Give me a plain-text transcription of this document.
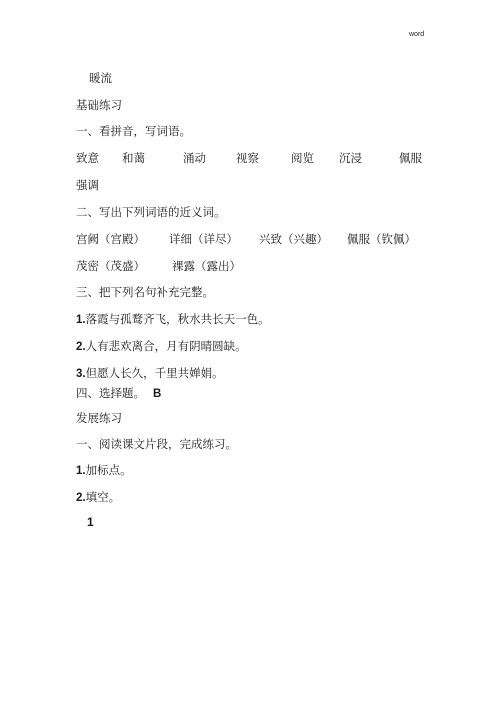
word
暖流
基础练习
一、看拼音，写词语。
致意 和蔼	涌动	视察	阅览 沉浸	佩服
强调
二、写出下列词语的近义词。
宫阙（宫殿） 详细（详尽） 兴致（兴趣） 佩服（钦佩）
茂密（茂盛） 裸露（露出）
三、把下列名句补充完整。
1.落霞与孤鹜齐飞，秋水共长天一色。
2.人有悲欢离合，月有阴晴圆缺。
3.但愿人长久，千里共婵娟。
四、选择题。 B
发展练习
一、阅读课文片段，完成练习。
1.加标点。
2.填空。
1
